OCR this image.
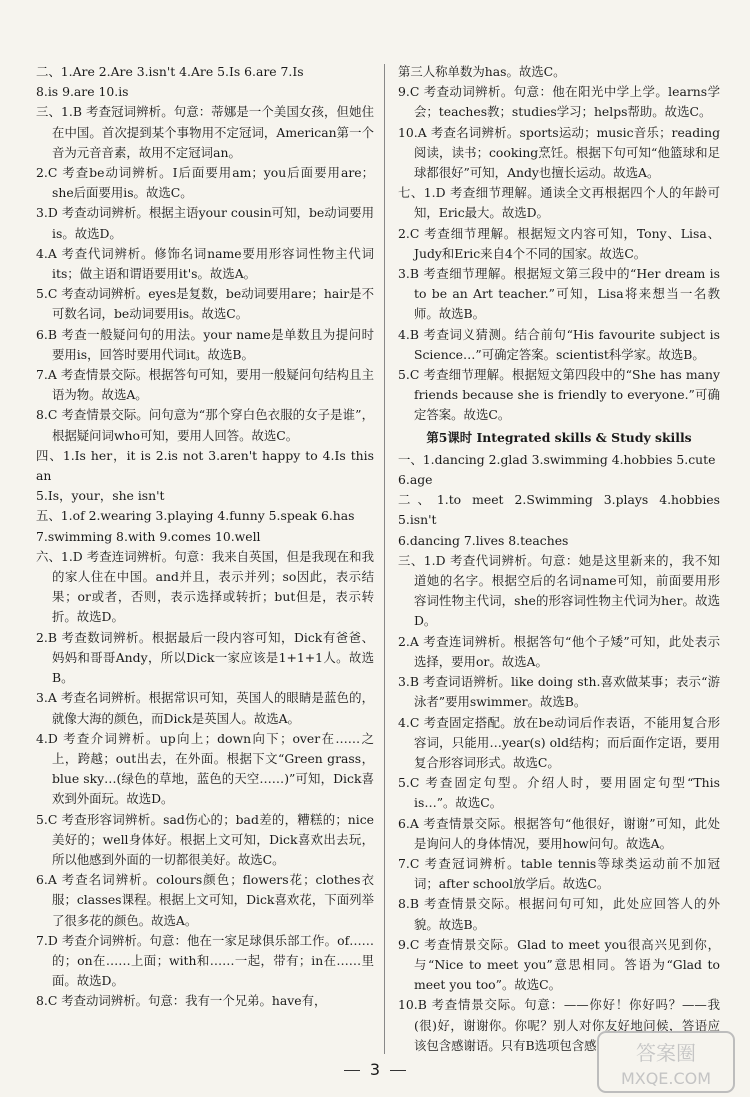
二、1.Are 2.Are 3.isn't 4.Are 5.Is 6.are 7.Is

8.is 9.are 10.is

三、1.B 考查冠词辨析。句意：蒂娜是一个美国女孩，但她住在中国。首次提到某个事物用不定冠词，American第一个音为元音音素，故用不定冠词an。

2.C 考查be动词辨析。I后面要用am；you后面要用are；she后面要用is。故选C。

3.D 考查动词辨析。根据主语your cousin可知，be动词要用is。故选D。

4.A 考查代词辨析。修饰名词name要用形容词性物主代词its；做主语和谓语要用it's。故选A。

5.C 考查动词辨析。eyes是复数，be动词要用are；hair是不可数名词，be动词要用is。故选C。

6.B 考查一般疑问句的用法。your name是单数且为提问时要用is，回答时要用代词it。故选B。

7.A 考查情景交际。根据答句可知，要用一般疑问句结构且主语为物。故选A。

8.C 考查情景交际。问句意为“那个穿白色衣服的女子是谁”，根据疑问词who可知，要用人回答。故选C。

四、1.Is her，it is 2.is not 3.aren't happy to 4.Is this an

5.Is，your，she isn't

五、1.of 2.wearing 3.playing 4.funny 5.speak 6.has

7.swimming 8.with 9.comes 10.well

六、1.D 考查连词辨析。句意：我来自英国，但是我现在和我的家人住在中国。and并且，表示并列；so因此，表示结果；or或者，否则，表示选择或转折；but但是，表示转折。故选D。

2.B 考查数词辨析。根据最后一段内容可知，Dick有爸爸、妈妈和哥哥Andy，所以Dick一家应该是1+1+1人。故选B。

3.A 考查名词辨析。根据常识可知，英国人的眼睛是蓝色的，就像大海的颜色，而Dick是英国人。故选A。

4.D 考查介词辨析。up向上；down向下；over在……之上，跨越；out出去，在外面。根据下文“Green grass，blue sky…(绿色的草地，蓝色的天空……)”可知，Dick喜欢到外面玩。故选D。

5.C 考查形容词辨析。sad伤心的；bad差的，糟糕的；nice美好的；well身体好。根据上文可知，Dick喜欢出去玩，所以他感到外面的一切都很美好。故选C。

6.A 考查名词辨析。colours颜色；flowers花；clothes衣服；classes课程。根据上文可知，Dick喜欢花，下面列举了很多花的颜色。故选A。

7.D 考查介词辨析。句意：他在一家足球俱乐部工作。of……的；on在……上面；with和……一起，带有；in在……里面。故选D。

8.C 考查动词辨析。句意：我有一个兄弟。have有，

第三人称单数为has。故选C。

9.C 考查动词辨析。句意：他在阳光中学上学。learns学会；teaches教；studies学习；helps帮助。故选C。

10.A 考查名词辨析。sports运动；music音乐；reading阅读，读书；cooking烹饪。根据下句可知“他篮球和足球都很好”可知，Andy也擅长运动。故选A。

七、1.D 考查细节理解。通读全文再根据四个人的年龄可知，Eric最大。故选D。

2.C 考查细节理解。根据短文内容可知，Tony、Lisa、Judy和Eric来自4个不同的国家。故选C。

3.B 考查细节理解。根据短文第三段中的“Her dream is to be an Art teacher.”可知，Lisa将来想当一名教师。故选B。

4.B 考查词义猜测。结合前句“His favourite subject is Science…”可确定答案。scientist科学家。故选B。

5.C 考查细节理解。根据短文第四段中的“She has many friends because she is friendly to everyone.”可确定答案。故选C。

第5课时 Integrated skills & Study skills

一、1.dancing 2.glad 3.swimming 4.hobbies 5.cute

6.age

二、1.to meet 2.Swimming 3.plays 4.hobbies 5.isn't

6.dancing 7.lives 8.teaches

三、1.D 考查代词辨析。句意：她是这里新来的，我不知道她的名字。根据空后的名词name可知，前面要用形容词性物主代词，she的形容词性物主代词为her。故选D。

2.A 考查连词辨析。根据答句“他个子矮”可知，此处表示选择，要用or。故选A。

3.B 考查词语辨析。like doing sth.喜欢做某事；表示“游泳者”要用swimmer。故选B。

4.C 考查固定搭配。放在be动词后作表语，不能用复合形容词，只能用…year(s) old结构；而后面作定语，要用复合形容词形式。故选C。

5.C 考查固定句型。介绍人时，要用固定句型“This is…”。故选C。

6.A 考查情景交际。根据答句“他很好，谢谢”可知，此处是询问人的身体情况，要用how问句。故选A。

7.C 考查冠词辨析。table tennis等球类运动前不加冠词；after school放学后。故选C。

8.B 考查情景交际。根据问句可知，此处应回答人的外貌。故选B。

9.C 考查情景交际。Glad to meet you很高兴见到你，与“Nice to meet you”意思相同。答语为“Glad to meet you too”。故选C。

10.B 考查情景交际。句意：——你好！你好吗？——我(很)好，谢谢你。你呢？别人对你友好地问候，答语应该包含感谢语。只有B选项包含感

3
答案圈
MXQE.COM
